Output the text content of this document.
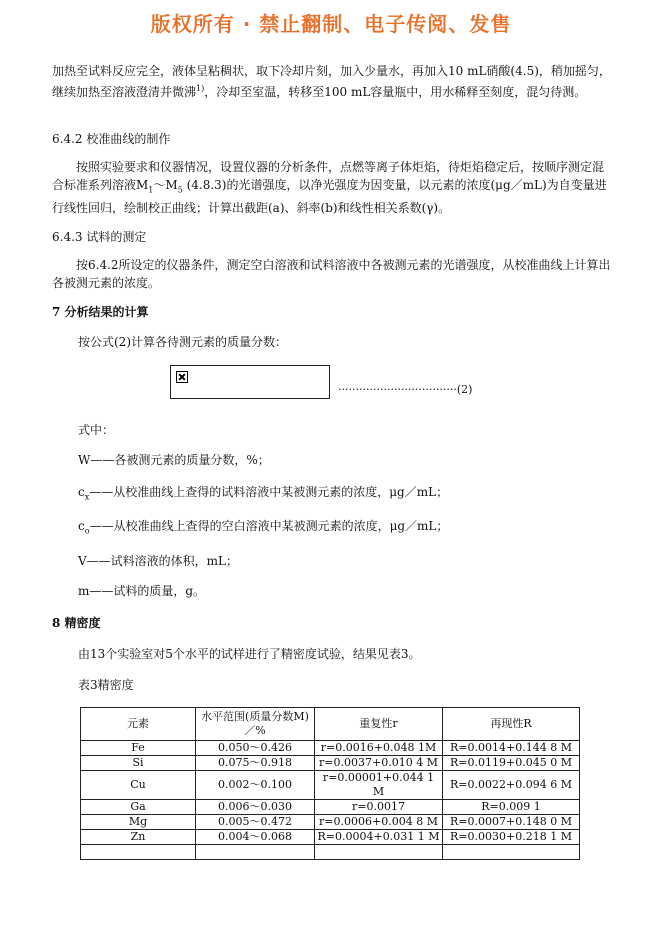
版权所有 · 禁止翻制、电子传阅、发售
加热至试料反应完全，液体呈粘稠状，取下冷却片刻，加入少量水，再加入10 mL硝酸(4.5)，稍加摇匀，继续加热至溶液澄清并微沸$^{1)}$，冷却至室温，转移至100 mL容量瓶中，用水稀释至刻度，混匀待测。
6.4.2 校准曲线的制作
按照实验要求和仪器情况，设置仪器的分析条件，点燃等离子体炬焰，待炬焰稳定后，按顺序测定混合标准系列溶液$M_1\sim M_5$ (4.8.3)的光谱强度，以净光强度为因变量，以元素的浓度(μg／mL)为自变量进行线性回归，绘制校正曲线；计算出截距(a)、斜率(b)和线性相关系数(γ)。
6.4.3 试料的测定
按6.4.2所设定的仪器条件，测定空白溶液和试料溶液中各被测元素的光谱强度，从校准曲线上计算出各被测元素的浓度。
7 分析结果的计算
按公式(2)计算各待测元素的质量分数：
··································(2)
式中：
W——各被测元素的质量分数，%；
$c_x——$从校准曲线上查得的试料溶液中某被测元素的浓度，μg／mL；
$c_o——$从校准曲线上查得的空白溶液中某被测元素的浓度，μg／mL；
V——试料溶液的体积，mL；
m——试料的质量，g。
8 精密度
由13个实验室对5个水平的试样进行了精密度试验，结果见表3。
表3精密度
元素	水平范围(质量分数M)／%	重复性r	再现性R
Fe	0.050～0.426	r=0.0016+0.048 1M	R=0.0014+0.144 8 M
Si	0.075～0.918	r=0.0037+0.010 4 M	R=0.0119+0.045 0 M
Cu	0.002～0.100	r=0.00001+0.044 1 M	R=0.0022+0.094 6 M
Ga	0.006～0.030	r=0.0017	R=0.009 1
Mg	0.005～0.472	r=0.0006+0.004 8 M	R=0.0007+0.148 0 M
Zn	0.004～0.068	R=0.0004+0.031 1 M	R=0.0030+0.218 1 M
